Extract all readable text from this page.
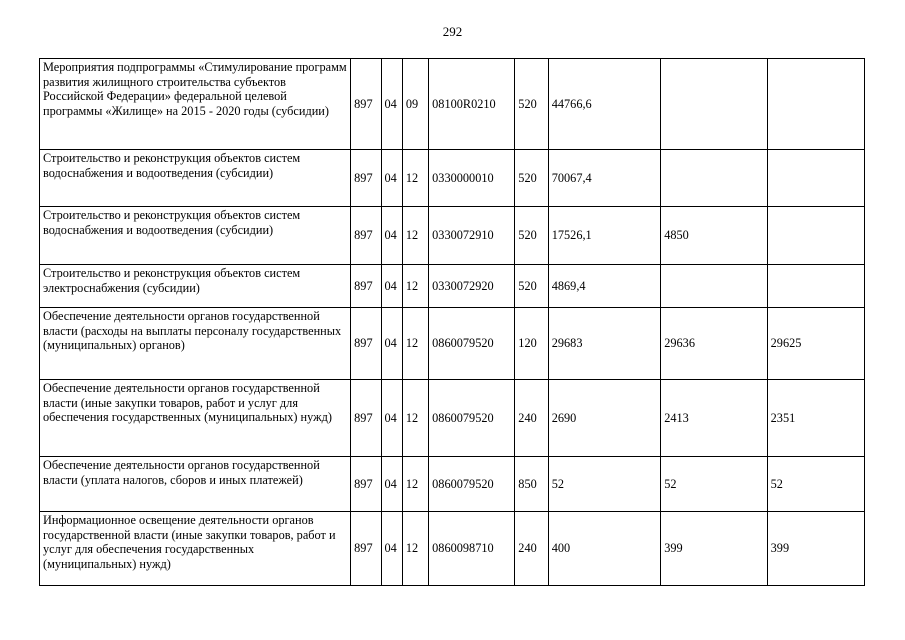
292
Мероприятия подпрограммы «Стимулирование программ развития жилищного строительства субъектов Российской Федерации» федеральной целевой программы «Жилище» на 2015 - 2020 годы (субсидии)	897	04	09	08100R0210	520	44766,6		
Строительство и реконструкция объектов систем водоснабжения и водоотведения (субсидии)	897	04	12	0330000010	520	70067,4		
Строительство и реконструкция объектов систем водоснабжения и водоотведения (субсидии)	897	04	12	0330072910	520	17526,1	4850	
Строительство и реконструкция объектов систем электроснабжения (субсидии)	897	04	12	0330072920	520	4869,4		
Обеспечение деятельности органов государственной власти (расходы на выплаты персоналу государственных (муниципальных) органов)	897	04	12	0860079520	120	29683	29636	29625
Обеспечение деятельности органов государственной власти (иные закупки товаров, работ и услуг для обеспечения государственных (муниципальных) нужд)	897	04	12	0860079520	240	2690	2413	2351
Обеспечение деятельности органов государственной власти (уплата налогов, сборов и иных платежей)	897	04	12	0860079520	850	52	52	52
Информационное освещение деятельности органов государственной власти (иные закупки товаров, работ и услуг для обеспечения государственных (муниципальных) нужд)	897	04	12	0860098710	240	400	399	399
